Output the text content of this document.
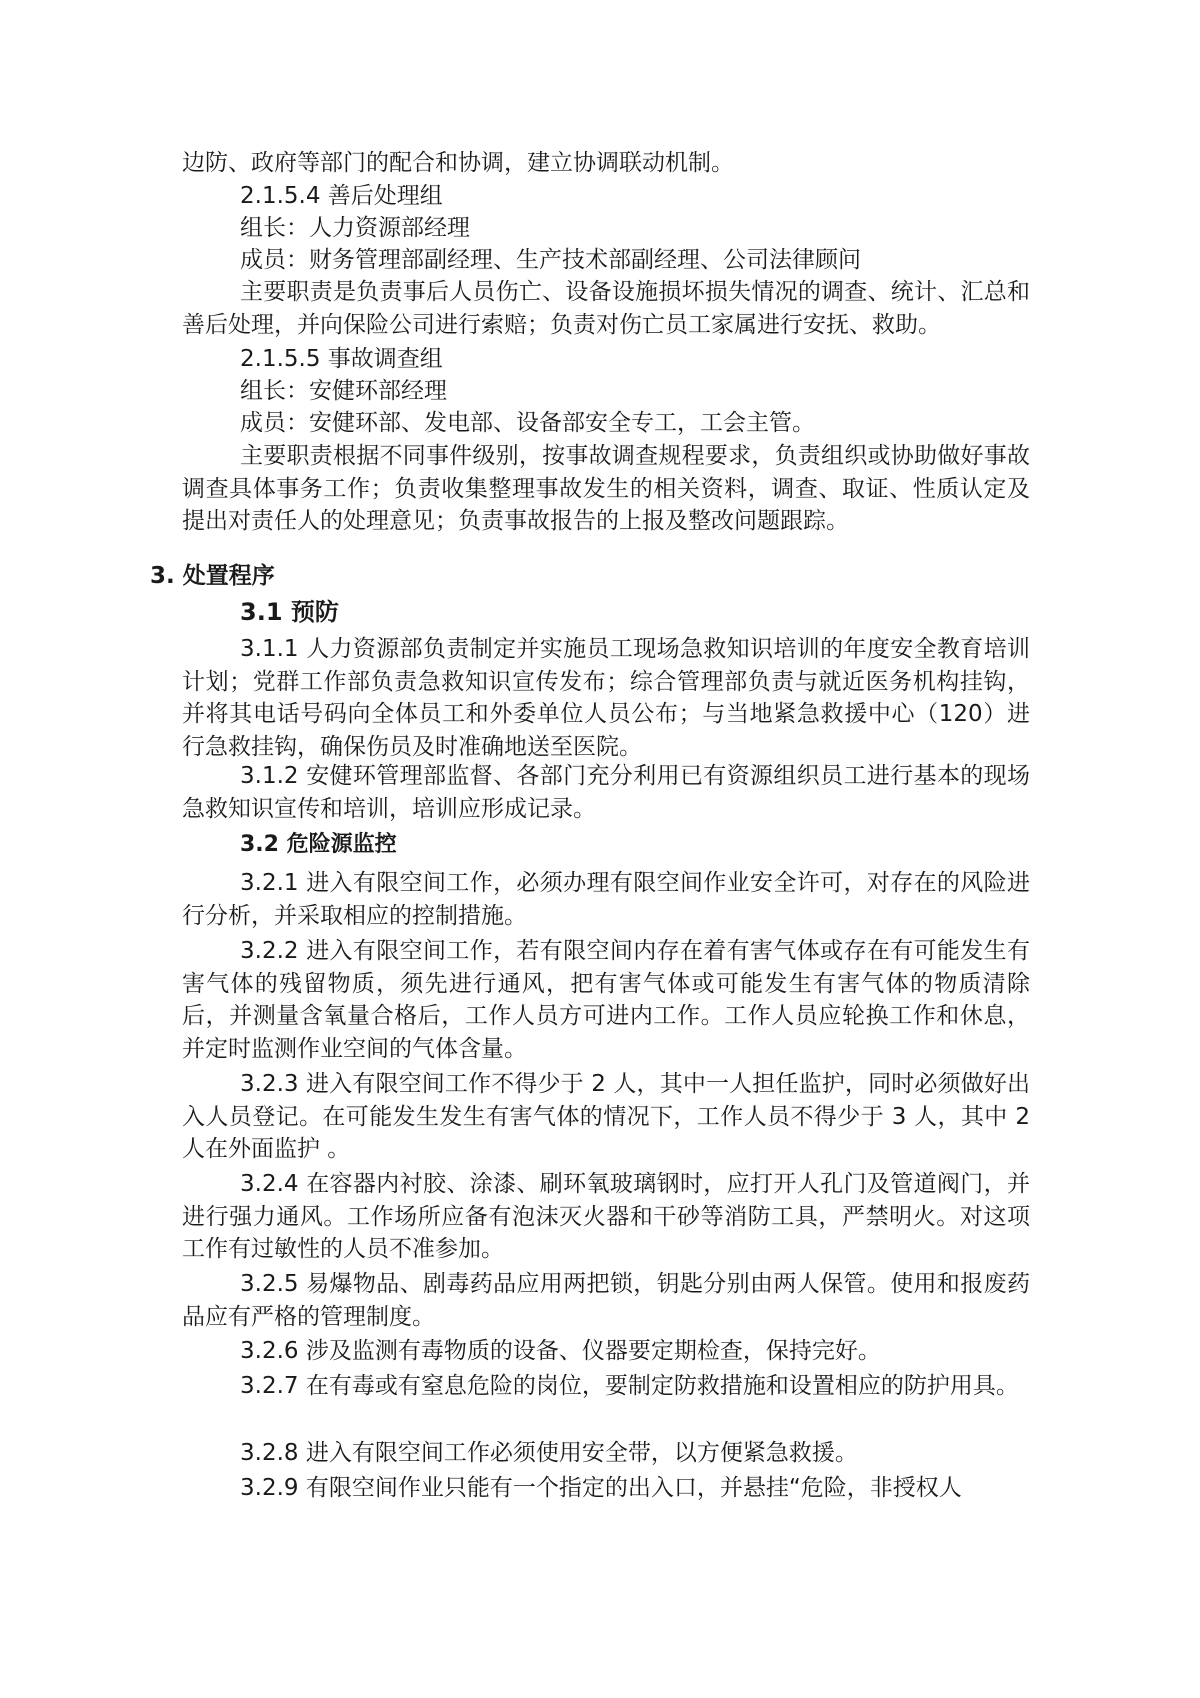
边防、政府等部门的配合和协调，建立协调联动机制。

2.1.5.4 善后处理组

组长：人力资源部经理

成员：财务管理部副经理、生产技术部副经理、公司法律顾问

主要职责是负责事后人员伤亡、设备设施损坏损失情况的调查、统计、汇总和善后处理，并向保险公司进行索赔；负责对伤亡员工家属进行安抚、救助。

2.1.5.5 事故调查组

组长：安健环部经理

成员：安健环部、发电部、设备部安全专工，工会主管。

主要职责根据不同事件级别，按事故调查规程要求，负责组织或协助做好事故调查具体事务工作；负责收集整理事故发生的相关资料，调查、取证、性质认定及提出对责任人的处理意见；负责事故报告的上报及整改问题跟踪。

3. 处置程序

3.1 预防

3.1.1 人力资源部负责制定并实施员工现场急救知识培训的年度安全教育培训计划；党群工作部负责急救知识宣传发布；综合管理部负责与就近医务机构挂钩，并将其电话号码向全体员工和外委单位人员公布；与当地紧急救援中心（120）进行急救挂钩，确保伤员及时准确地送至医院。

3.1.2 安健环管理部监督、各部门充分利用已有资源组织员工进行基本的现场急救知识宣传和培训，培训应形成记录。

3.2 危险源监控

3.2.1 进入有限空间工作，必须办理有限空间作业安全许可，对存在的风险进行分析，并采取相应的控制措施。

3.2.2 进入有限空间工作，若有限空间内存在着有害气体或存在有可能发生有害气体的残留物质，须先进行通风，把有害气体或可能发生有害气体的物质清除后，并测量含氧量合格后，工作人员方可进内工作。工作人员应轮换工作和休息，并定时监测作业空间的气体含量。

3.2.3 进入有限空间工作不得少于 2 人，其中一人担任监护，同时必须做好出入人员登记。在可能发生发生有害气体的情况下，工作人员不得少于 3 人，其中 2 人在外面监护 。

3.2.4 在容器内衬胶、涂漆、刷环氧玻璃钢时，应打开人孔门及管道阀门，并进行强力通风。工作场所应备有泡沫灭火器和干砂等消防工具，严禁明火。对这项工作有过敏性的人员不准参加。

3.2.5 易爆物品、剧毒药品应用两把锁，钥匙分别由两人保管。使用和报废药品应有严格的管理制度。

3.2.6 涉及监测有毒物质的设备、仪器要定期检查，保持完好。

3.2.7 在有毒或有窒息危险的岗位，要制定防救措施和设置相应的防护用具。

3.2.8 进入有限空间工作必须使用安全带，以方便紧急救援。

3.2.9 有限空间作业只能有一个指定的出入口，并悬挂“危险，非授权人
